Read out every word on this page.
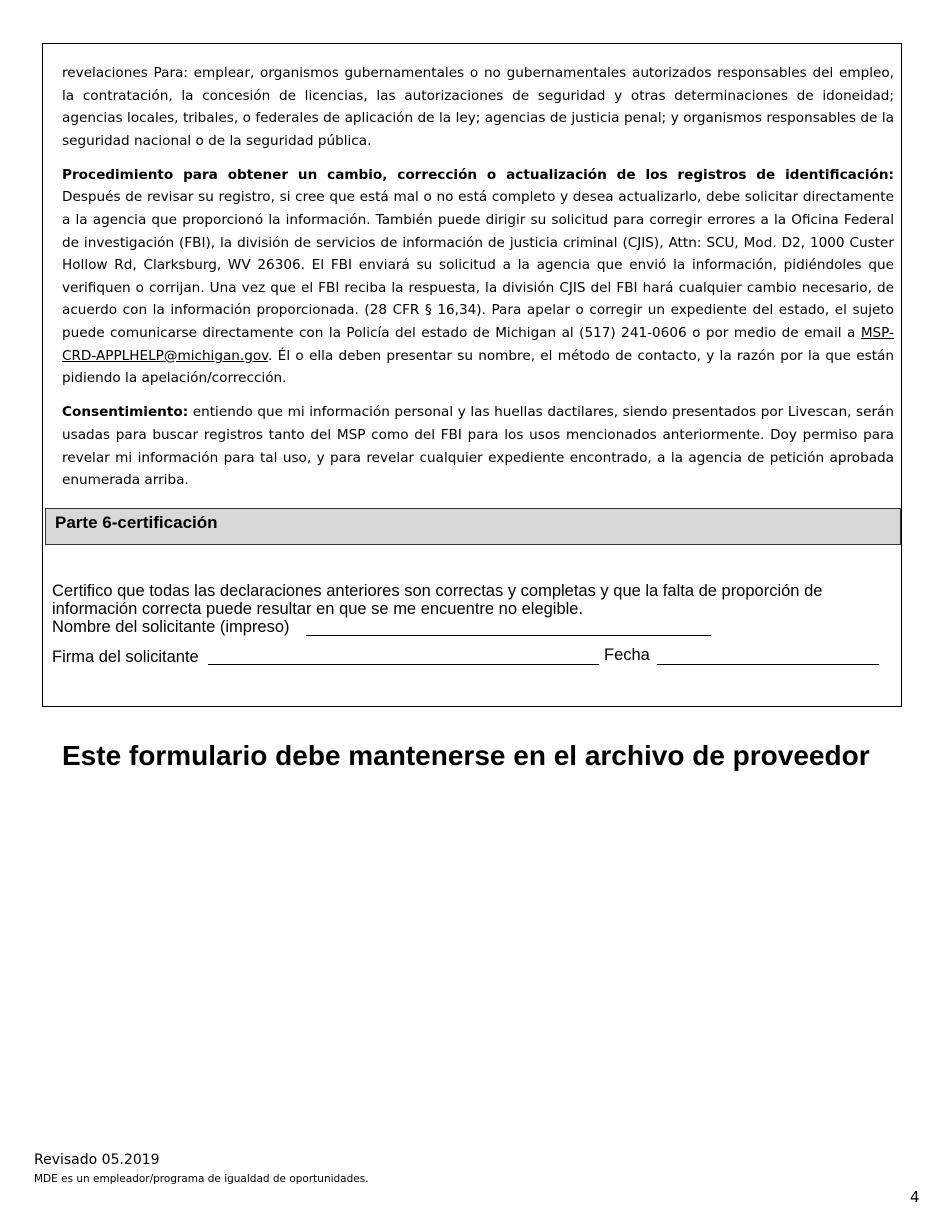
revelaciones Para: emplear, organismos gubernamentales o no gubernamentales autorizados responsables del empleo, la contratación, la concesión de licencias, las autorizaciones de seguridad y otras determinaciones de idoneidad; agencias locales, tribales, o federales de aplicación de la ley; agencias de justicia penal; y organismos responsables de la seguridad nacional o de la seguridad pública.

Procedimiento para obtener un cambio, corrección o actualización de los registros de identificación: Después de revisar su registro, si cree que está mal o no está completo y desea actualizarlo, debe solicitar directamente a la agencia que proporcionó la información. También puede dirigir su solicitud para corregir errores a la Oficina Federal de investigación (FBI), la división de servicios de información de justicia criminal (CJIS), Attn: SCU, Mod. D2, 1000 Custer Hollow Rd, Clarksburg, WV 26306. El FBI enviará su solicitud a la agencia que envió la información, pidiéndoles que verifiquen o corrijan. Una vez que el FBI reciba la respuesta, la división CJIS del FBI hará cualquier cambio necesario, de acuerdo con la información proporcionada. (28 CFR § 16,34). Para apelar o corregir un expediente del estado, el sujeto puede comunicarse directamente con la Policía del estado de Michigan al (517) 241-0606 o por medio de email a MSP-CRD-APPLHELP@michigan.gov. Él o ella deben presentar su nombre, el método de contacto, y la razón por la que están pidiendo la apelación/corrección.

Consentimiento: entiendo que mi información personal y las huellas dactilares, siendo presentados por Livescan, serán usadas para buscar registros tanto del MSP como del FBI para los usos mencionados anteriormente. Doy permiso para revelar mi información para tal uso, y para revelar cualquier expediente encontrado, a la agencia de petición aprobada enumerada arriba.

Parte 6-certificación
Certifico que todas las declaraciones anteriores son correctas y completas y que la falta de proporción de información correcta puede resultar en que se me encuentre no elegible.
Nombre del solicitante (impreso)
Firma del solicitante	Fecha
Este formulario debe mantenerse en el archivo de proveedor
Revisado 05.2019
MDE es un empleador/programa de igualdad de oportunidades.
4
